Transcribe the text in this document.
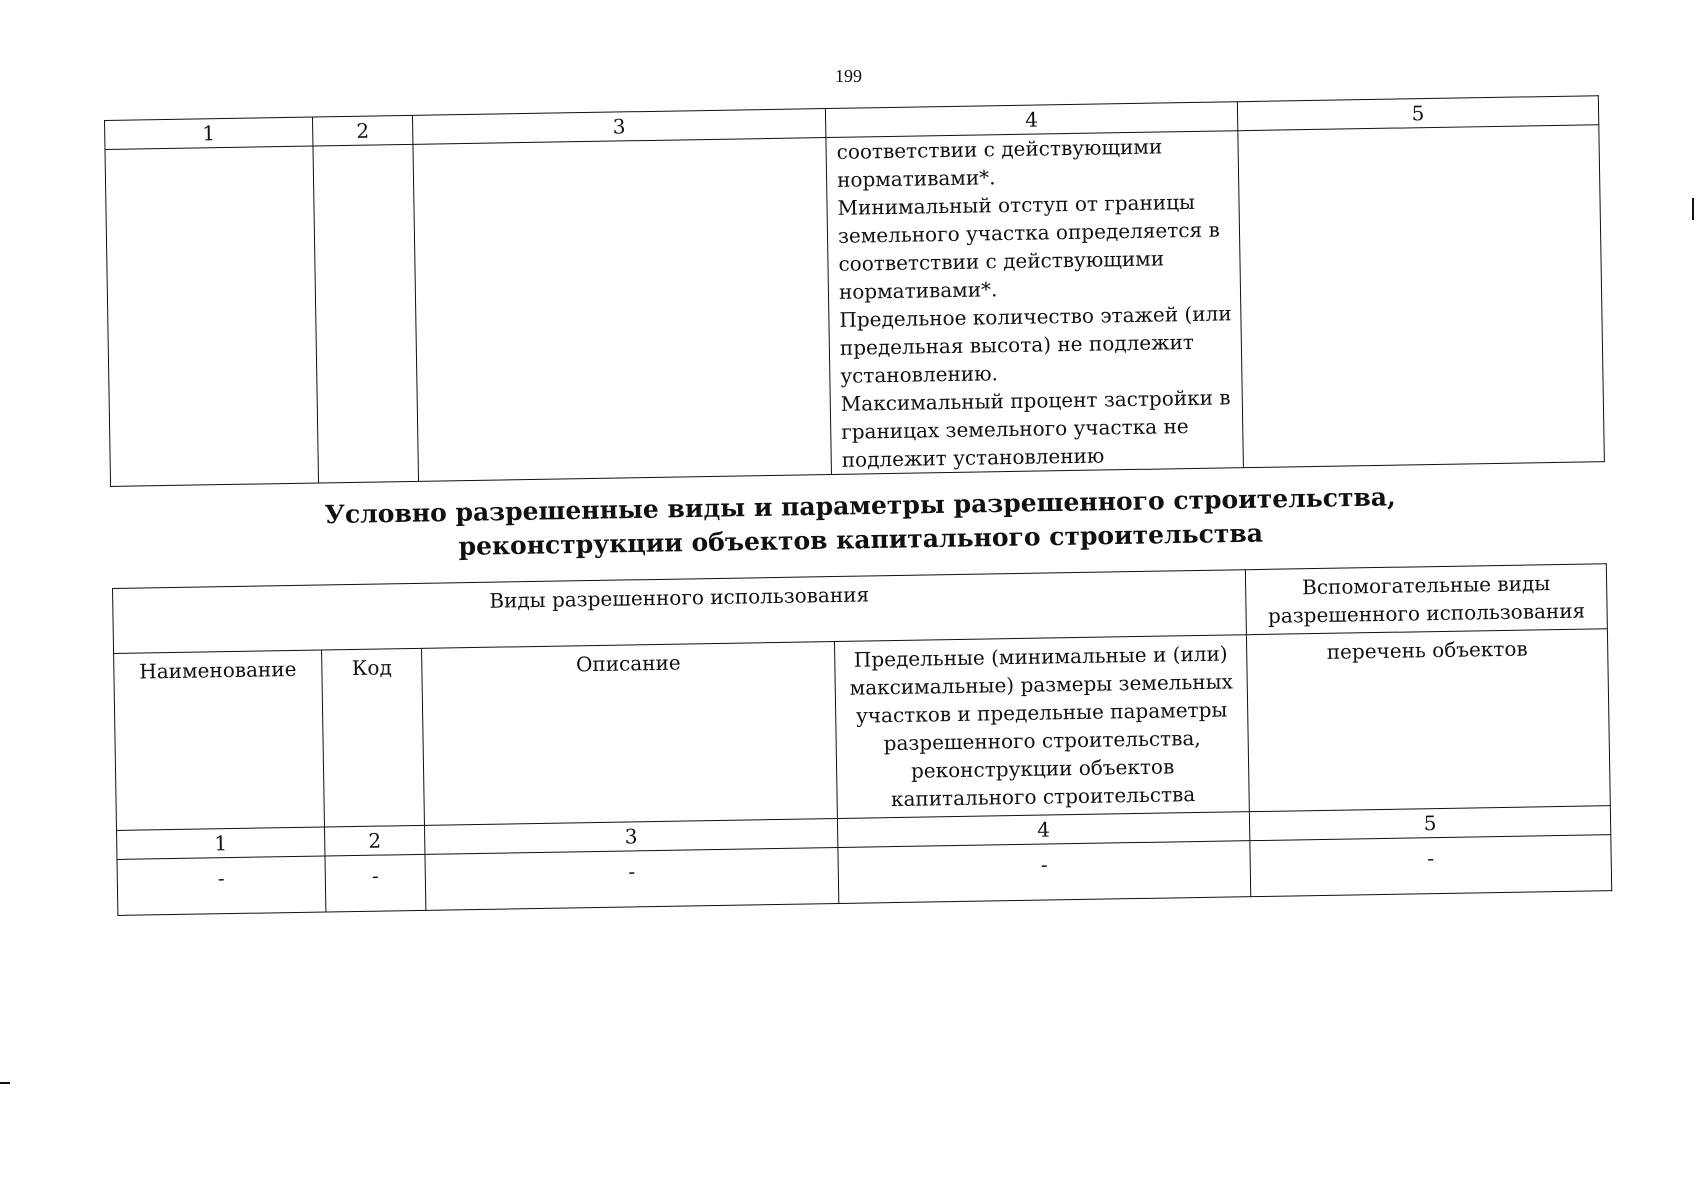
199
1	2	3	4	5

			соответствии с действующими нормативами*.

Минимальный отступ от границы земельного участка определяется в соответствии с действующими нормативами*.

Предельное количество этажей (или предельная высота) не подлежит установлению.

Максимальный процент застройки в границах земельного участка не подлежит установлению	

Условно разрешенные виды и параметры разрешенного строительства, реконструкции объектов капитального строительства
Виды разрешенного использования				Вспомогательные виды разрешенного использования
Наименование	Код	Описание	Предельные (минимальные и (или) максимальные) размеры земельных участков и предельные параметры разрешенного строительства, реконструкции объектов капитального строительства	перечень объектов
1	2	3	4	5
-	-	-	-	-
